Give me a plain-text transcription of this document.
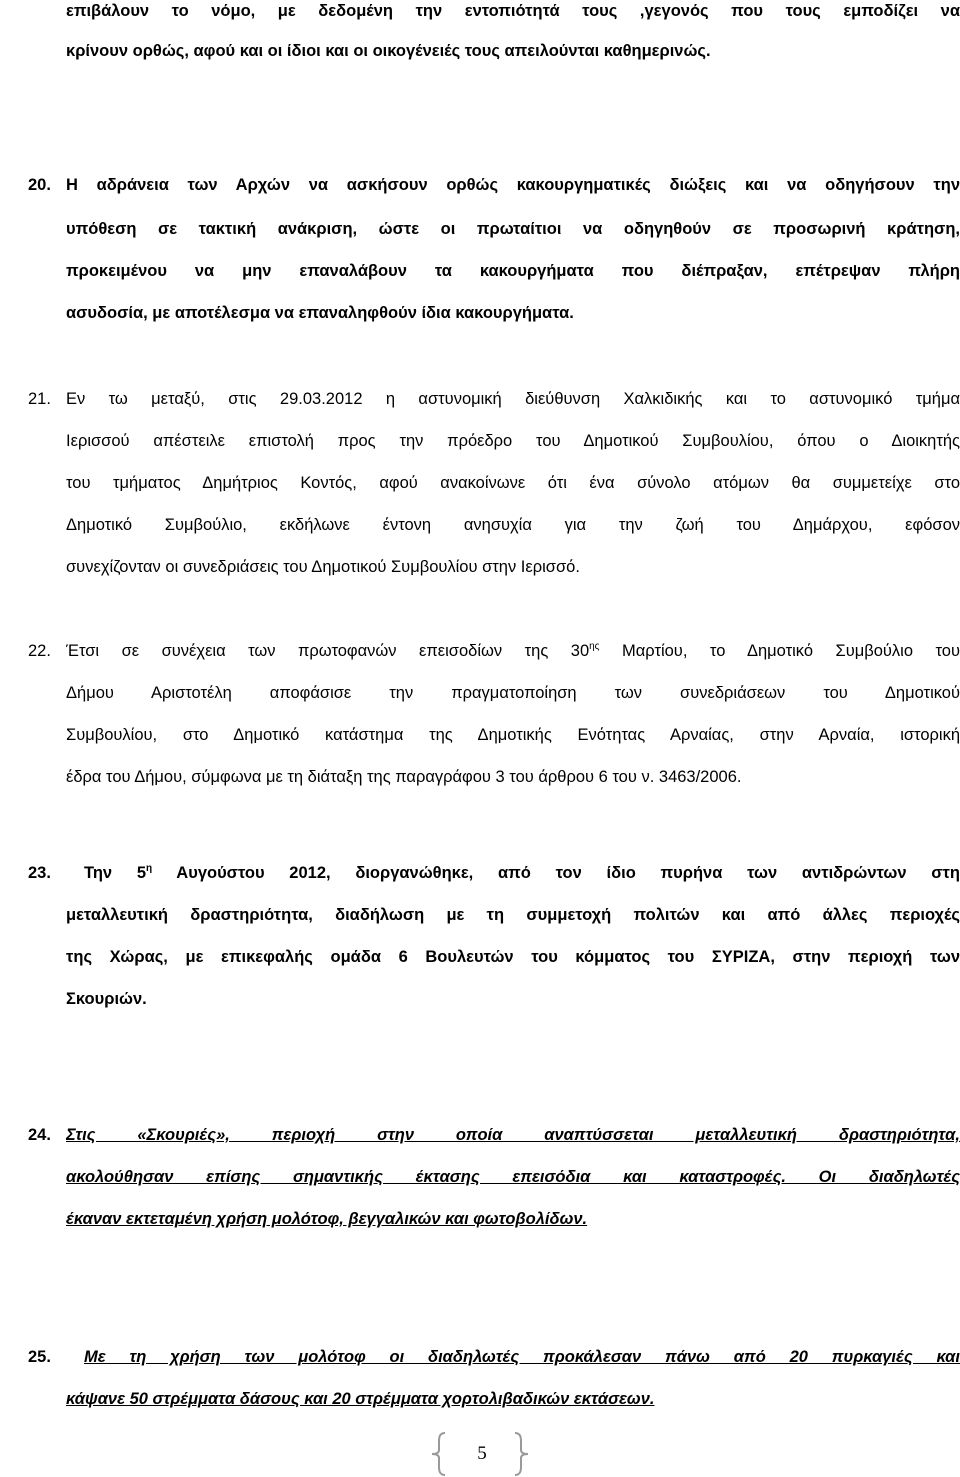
επιβάλουν το νόμο, με δεδομένη την εντοπιότητά τους ,γεγονός που τους εμποδίζει να
κρίνουν ορθώς, αφού και οι ίδιοι και οι οικογένειές τους απειλούνται καθημερινώς.
20. Η αδράνεια των Αρχών να ασκήσουν ορθώς κακουργηματικές διώξεις και να οδηγήσουν την
υπόθεση σε τακτική ανάκριση, ώστε οι πρωταίτιοι να οδηγηθούν σε προσωρινή κράτηση,
προκειμένου να μην επαναλάβουν τα κακουργήματα που διέπραξαν, επέτρεψαν πλήρη
ασυδοσία, με αποτέλεσμα να επαναληφθούν ίδια κακουργήματα.
21. Εν τω μεταξύ, στις 29.03.2012 η αστυνομική διεύθυνση Χαλκιδικής και το αστυνομικό τμήμα
Ιερισσού απέστειλε επιστολή προς την πρόεδρο του Δημοτικού Συμβουλίου, όπου ο Διοικητής
του τμήματος Δημήτριος Κοντός, αφού ανακοίνωνε ότι ένα σύνολο ατόμων θα συμμετείχε στο
Δημοτικό Συμβούλιο, εκδήλωνε έντονη ανησυχία για την ζωή του Δημάρχου, εφόσον
συνεχίζονταν οι συνεδριάσεις του Δημοτικού Συμβουλίου στην Ιερισσό.
22. Έτσι σε συνέχεια των πρωτοφανών επεισοδίων της $30^{\eta\varsigma}$ Μαρτίου, το Δημοτικό Συμβούλιο του
Δήμου Αριστοτέλη αποφάσισε την πραγματοποίηση των συνεδριάσεων του Δημοτικού
Συμβουλίου, στο Δημοτικό κατάστημα της Δημοτικής Ενότητας Αρναίας, στην Αρναία, ιστορική
έδρα του Δήμου, σύμφωνα με τη διάταξη της παραγράφου 3 του άρθρου 6 του ν. 3463/2006.
23.	Την $5^\eta$ Αυγούστου 2012, διοργανώθηκε, από τον ίδιο πυρήνα των αντιδρώντων στη
μεταλλευτική δραστηριότητα, διαδήλωση με τη συμμετοχή πολιτών και από άλλες περιοχές
της Χώρας, με επικεφαλής ομάδα 6 Βουλευτών του κόμματος του ΣΥΡΙΖΑ, στην περιοχή των
Σκουριών.
24. Στις «Σκουριές», περιοχή στην οποία αναπτύσσεται μεταλλευτική δραστηριότητα,
ακολούθησαν επίσης σημαντικής έκτασης επεισόδια και καταστροφές. Οι διαδηλωτές
έκαναν εκτεταμένη χρήση μολότοφ, βεγγαλικών και φωτοβολίδων.
25.	Με τη χρήση των μολότοφ οι διαδηλωτές προκάλεσαν πάνω από 20 πυρκαγιές και
κάψανε 50 στρέμματα δάσους και 20 στρέμματα χορτολιβαδικών εκτάσεων.
5
